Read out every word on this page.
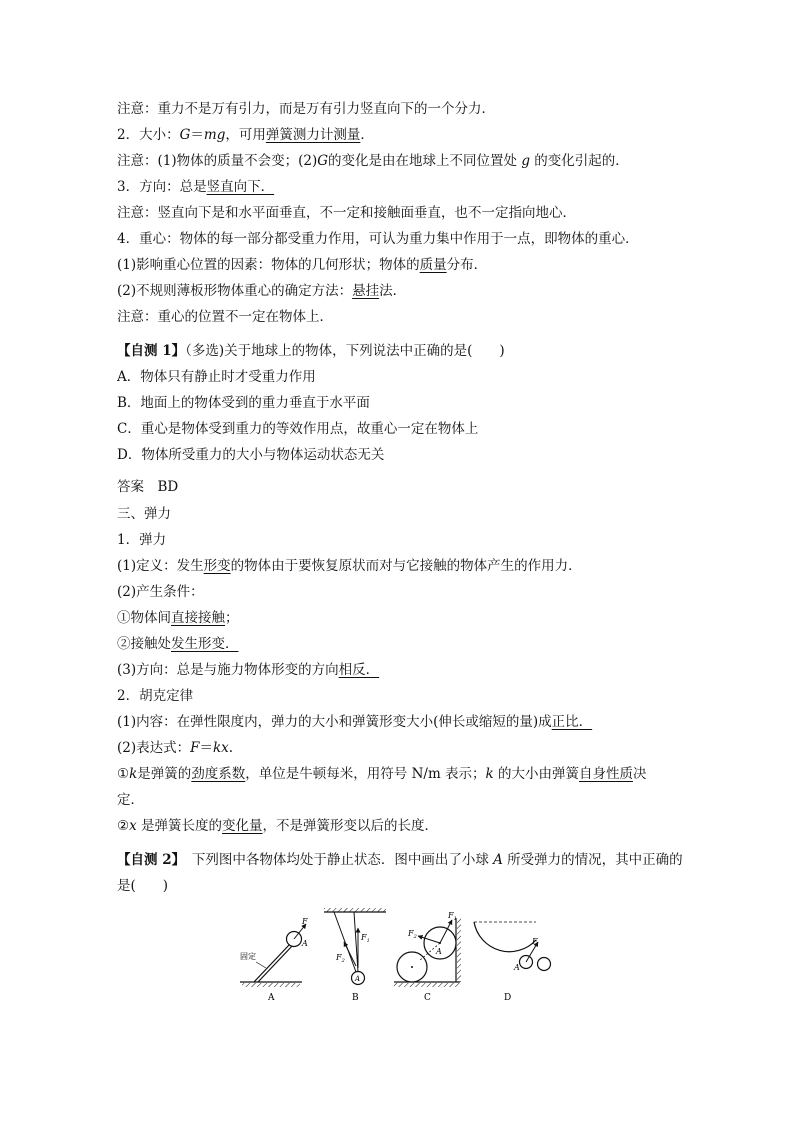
注意：重力不是万有引力，而是万有引力竖直向下的一个分力．
2．大小：G＝mg，可用弹簧测力计测量．
注意：(1)物体的质量不会变；(2)G的变化是由在地球上不同位置处 g 的变化引起的．
3．方向：总是竖直向下．
注意：竖直向下是和水平面垂直，不一定和接触面垂直，也不一定指向地心．
4．重心：物体的每一部分都受重力作用，可认为重力集中作用于一点，即物体的重心．
(1)影响重心位置的因素：物体的几何形状；物体的质量分布．
(2)不规则薄板形物体重心的确定方法：悬挂法．
注意：重心的位置不一定在物体上．
【自测 1】（多选)关于地球上的物体，下列说法中正确的是(　　)
A．物体只有静止时才受重力作用
B．地面上的物体受到的重力垂直于水平面
C．重心是物体受到重力的等效作用点，故重心一定在物体上
D．物体所受重力的大小与物体运动状态无关
答案　BD
三、弹力
1．弹力
(1)定义：发生形变的物体由于要恢复原状而对与它接触的物体产生的作用力．
(2)产生条件：
①物体间直接接触；
②接触处发生形变．
(3)方向：总是与施力物体形变的方向相反．
2．胡克定律
(1)内容：在弹性限度内，弹力的大小和弹簧形变大小(伸长或缩短的量)成正比．
(2)表达式：F＝kx.
①k是弹簧的劲度系数，单位是牛顿每米，用符号 N/m 表示；k 的大小由弹簧自身性质决
定．
②x 是弹簧长度的变化量，不是弹簧形变以后的长度．
【自测 2】　下列图中各物体均处于静止状态．图中画出了小球 A 所受弹力的情况，其中正确的
是(　　)
F
A
固定
A
$F_1$
$F_2$
A
B
$F_1$
$F_2$
A
C
F
A
D
